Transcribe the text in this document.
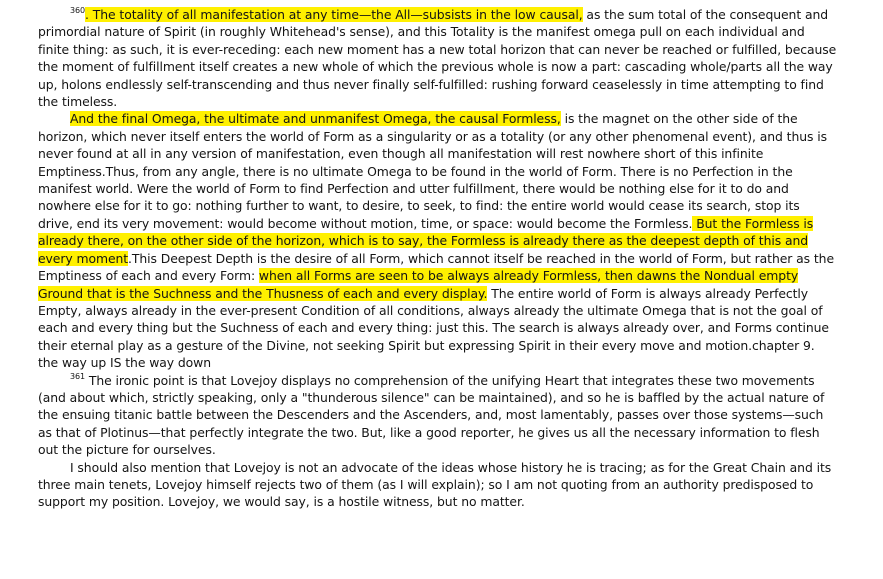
$^{360}$. The totality of all manifestation at any time—the All—subsists in the low causal, as the sum total of the consequent and primordial nature of Spirit (in roughly Whitehead's sense), and this Totality is the manifest omega pull on each individual and finite thing: as such, it is ever-receding: each new moment has a new total horizon that can never be reached or fulfilled, because the moment of fulfillment itself creates a new whole of which the previous whole is now a part: cascading whole/parts all the way up, holons endlessly self-transcending and thus never finally self-fulfilled: rushing forward ceaselessly in time attempting to find the timeless.

And the final Omega, the ultimate and unmanifest Omega, the causal Formless, is the magnet on the other side of the horizon, which never itself enters the world of Form as a singularity or as a totality (or any other phenomenal event), and thus is never found at all in any version of manifestation, even though all manifestation will rest nowhere short of this infinite Emptiness.Thus, from any angle, there is no ultimate Omega to be found in the world of Form. There is no Perfection in the manifest world. Were the world of Form to find Perfection and utter fulfillment, there would be nothing else for it to do and nowhere else for it to go: nothing further to want, to desire, to seek, to find: the entire world would cease its search, stop its drive, end its very movement: would become without motion, time, or space: would become the Formless. But the Formless is already there, on the other side of the horizon, which is to say, the Formless is already there as the deepest depth of this and every moment.This Deepest Depth is the desire of all Form, which cannot itself be reached in the world of Form, but rather as the Emptiness of each and every Form: when all Forms are seen to be always already Formless, then dawns the Nondual empty Ground that is the Suchness and the Thusness of each and every display. The entire world of Form is always already Perfectly Empty, always already in the ever-present Condition of all conditions, always already the ultimate Omega that is not the goal of each and every thing but the Suchness of each and every thing: just this. The search is always already over, and Forms continue their eternal play as a gesture of the Divine, not seeking Spirit but expressing Spirit in their every move and motion.chapter 9. the way up IS the way down

$^{361}$ The ironic point is that Lovejoy displays no comprehension of the unifying Heart that integrates these two movements (and about which, strictly speaking, only a "thunderous silence" can be maintained), and so he is baffled by the actual nature of the ensuing titanic battle between the Descenders and the Ascenders, and, most lamentably, passes over those systems—such as that of Plotinus—that perfectly integrate the two. But, like a good reporter, he gives us all the necessary information to flesh out the picture for ourselves.

I should also mention that Lovejoy is not an advocate of the ideas whose history he is tracing; as for the Great Chain and its three main tenets, Lovejoy himself rejects two of them (as I will explain); so I am not quoting from an authority predisposed to support my position. Lovejoy, we would say, is a hostile witness, but no matter.
